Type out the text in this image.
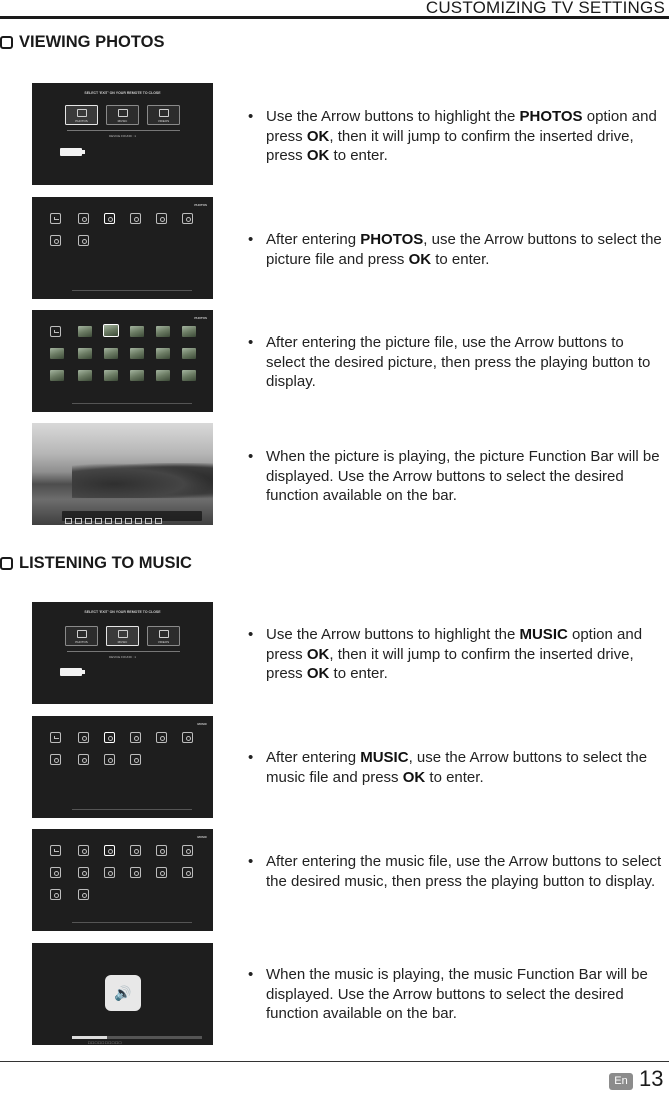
CUSTOMIZING TV SETTINGS
VIEWING PHOTOS
SELECT 'EXIT' ON YOUR REMOTE TO CLOSE
PHOTOS	MUSIC	VIDEOS
DEVICE FOUND : 1
• Use the Arrow buttons to highlight the PHOTOS option and press OK, then it will jump to confirm the inserted drive, press OK to enter.
PHOTOS
• After entering PHOTOS, use the Arrow buttons to select the picture file and press OK to enter.
PHOTOS
• After entering the picture file, use the Arrow buttons to select the desired picture, then press the playing button to display.
• When the picture is playing, the picture Function Bar will be displayed. Use the Arrow buttons to select the desired function available on the bar.
LISTENING TO MUSIC
SELECT 'EXIT' ON YOUR REMOTE TO CLOSE
PHOTOS	MUSIC	VIDEOS
DEVICE FOUND : 1
• Use the Arrow buttons to highlight the MUSIC option and press OK, then it will jump to confirm the inserted drive, press OK to enter.
MUSIC
• After entering MUSIC, use the Arrow buttons to select the music file and press OK to enter.
MUSIC
• After entering the music file, use the Arrow buttons to select the desired music, then press the playing button to display.
🔊
□□□□□□□□□□
• When the music is playing, the music Function Bar will be displayed. Use the Arrow buttons to select the desired function available on the bar.
En 13
